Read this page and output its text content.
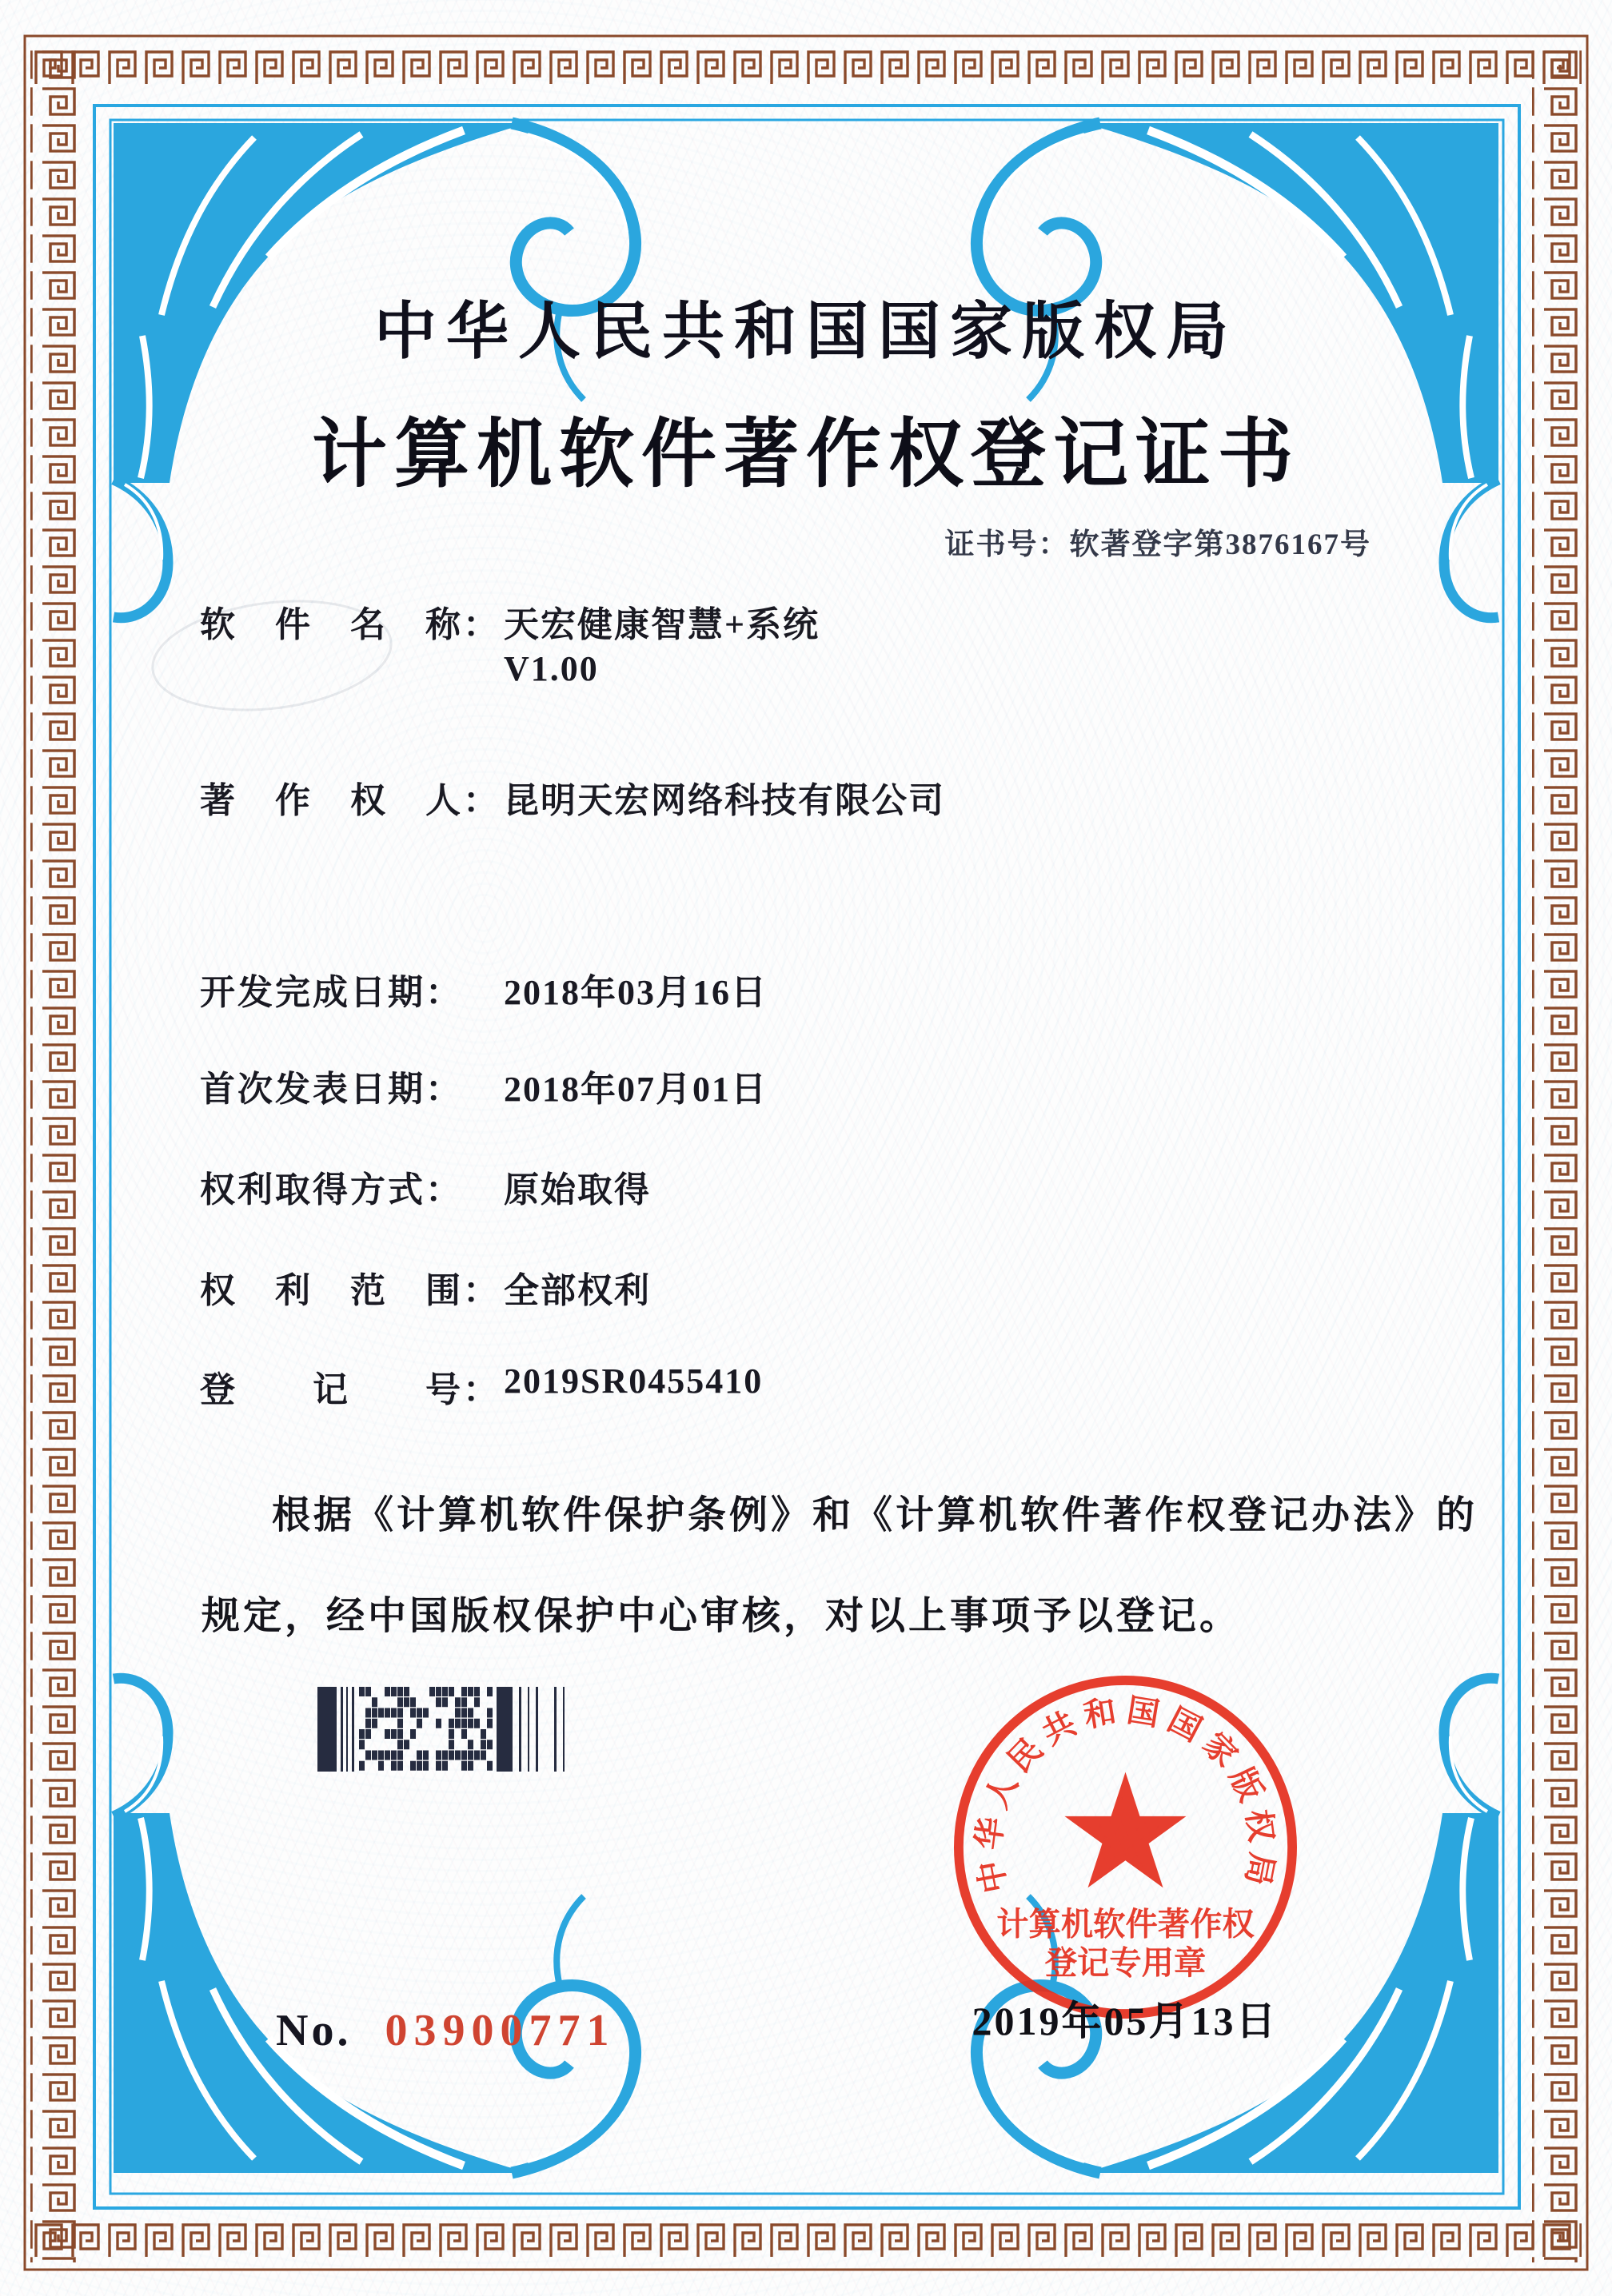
中华人民共和国国家版权局
计算机软件著作权登记证书
证书号：软著登字第3876167号
软　件　名　称： 天宏健康智慧+系统
V1.00
著　作　权　人： 昆明天宏网络科技有限公司
开发完成日期： 2018年03月16日
首次发表日期： 2018年07月01日
权利取得方式： 原始取得
权　利　范　围： 全部权利
登　　记　　号： 2019SR0455410
根据《计算机软件保护条例》和《计算机软件著作权登记办法》的
规定，经中国版权保护中心审核，对以上事项予以登记。
中华人民共和国国家版权局
计算机软件著作权
登记专用章
2019年05月13日
No. 03900771
